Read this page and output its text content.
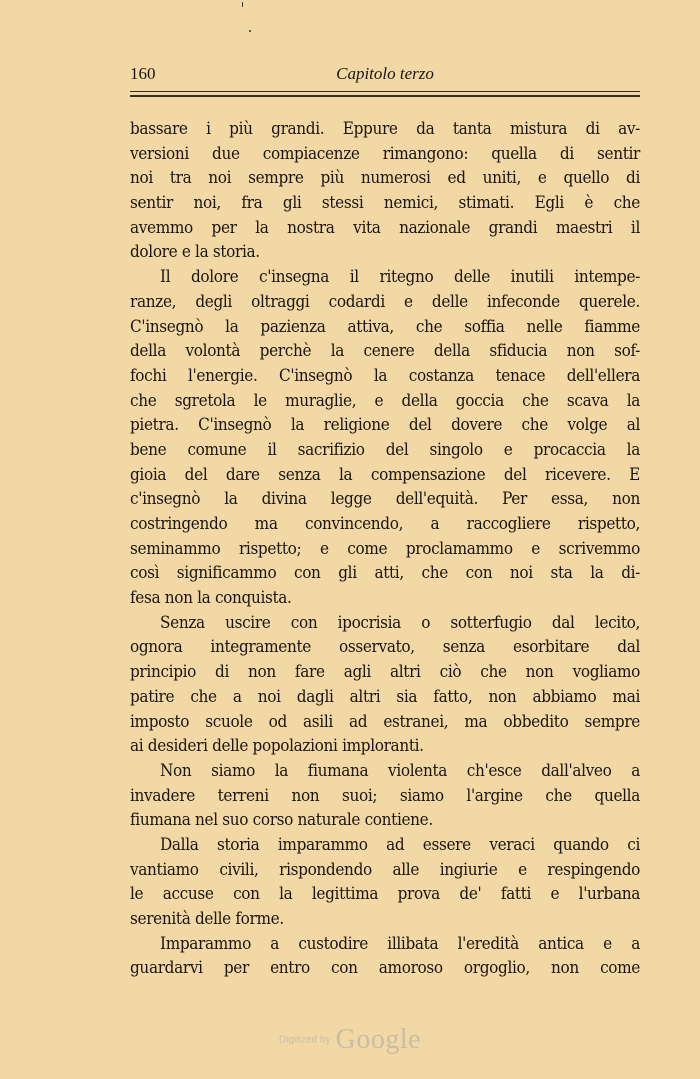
160	Capitolo terzo
bassare i più grandi. Eppure da tanta mistura di av-
versioni due compiacenze rimangono: quella di sentir
noi tra noi sempre più numerosi ed uniti, e quello di
sentir noi, fra gli stessi nemici, stimati. Egli è che
avemmo per la nostra vita nazionale grandi maestri il
dolore e la storia.
Il dolore c'insegna il ritegno delle inutili intempe-
ranze, degli oltraggi codardi e delle infeconde querele.
C'insegnò la pazienza attiva, che soffia nelle fiamme
della volontà perchè la cenere della sfiducia non sof-
fochi l'energie. C'insegnò la costanza tenace dell'ellera
che sgretola le muraglie, e della goccia che scava la
pietra. C'insegnò la religione del dovere che volge al
bene comune il sacrifizio del singolo e procaccia la
gioia del dare senza la compensazione del ricevere. E
c'insegnò la divina legge dell'equità. Per essa, non
costringendo ma convincendo, a raccogliere rispetto,
seminammo rispetto; e come proclamammo e scrivemmo
così significammo con gli atti, che con noi sta la di-
fesa non la conquista.
Senza uscire con ipocrisia o sotterfugio dal lecito,
ognora integramente osservato, senza esorbitare dal
principio di non fare agli altri ciò che non vogliamo
patire che a noi dagli altri sia fatto, non abbiamo mai
imposto scuole od asili ad estranei, ma obbedito sempre
ai desideri delle popolazioni imploranti.
Non siamo la fiumana violenta ch'esce dall'alveo a
invadere terreni non suoi; siamo l'argine che quella
fiumana nel suo corso naturale contiene.
Dalla storia imparammo ad essere veraci quando ci
vantiamo civili, rispondendo alle ingiurie e respingendo
le accuse con la legittima prova de' fatti e l'urbana
serenità delle forme.
Imparammo a custodire illibata l'eredità antica e a
guardarvi per entro con amoroso orgoglio, non come
Digitized by Google
